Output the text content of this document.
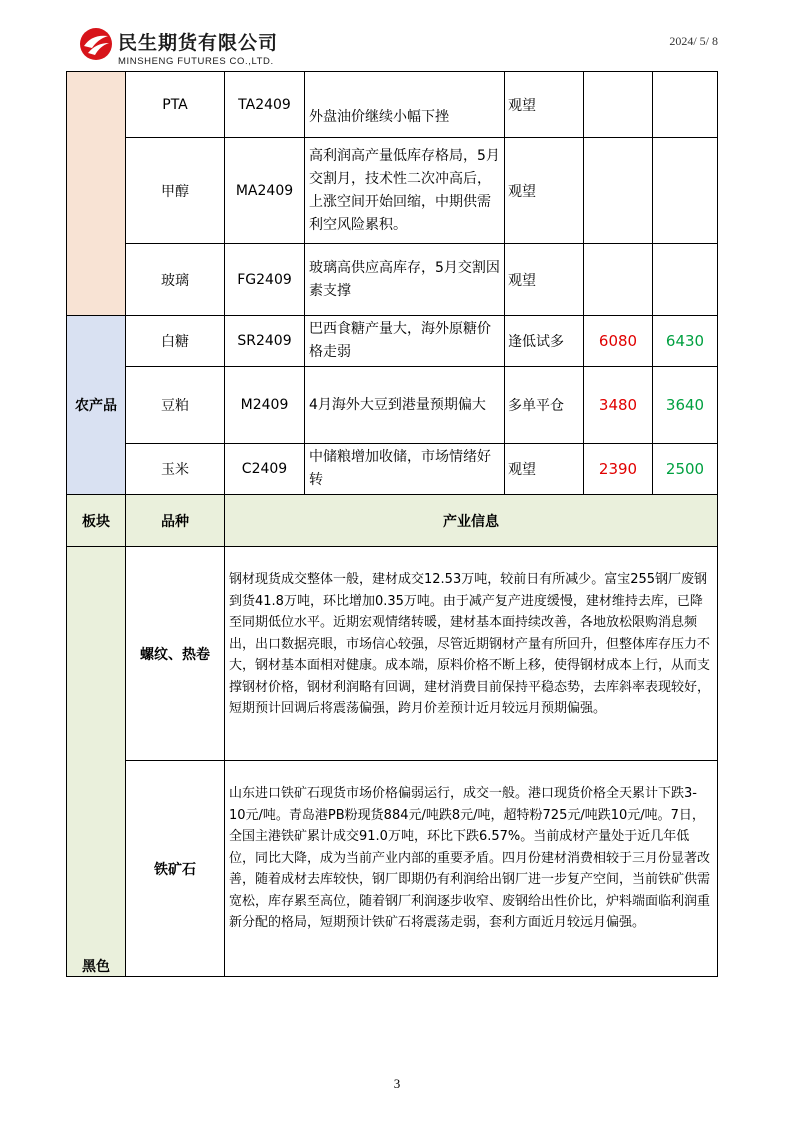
民生期货有限公司
MINSHENG FUTURES CO.,LTD.
2024/ 5/ 8
	PTA	TA2409	外盘油价继续小幅下挫	观望		
	甲醇	MA2409	高利润高产量低库存格局，5月交割月，技术性二次冲高后，上涨空间开始回缩，中期供需利空风险累积。	观望		
	玻璃	FG2409	玻璃高供应高库存，5月交割因素支撑	观望		
农产品	白糖	SR2409	巴西食糖产量大，海外原糖价格走弱	逢低试多	6080	6430
	豆粕	M2409	4月海外大豆到港量预期偏大	多单平仓	3480	3640
	玉米	C2409	中储粮增加收储，市场情绪好转	观望	2390	2500
板块	品种	产业信息				
黑色	螺纹、热卷	钢材现货成交整体一般，建材成交12.53万吨，较前日有所减少。富宝255钢厂废钢到货41.8万吨，环比增加0.35万吨。由于减产复产进度缓慢，建材维持去库，已降至同期低位水平。近期宏观情绪转暖，建材基本面持续改善，各地放松限购消息频出，出口数据亮眼，市场信心较强，尽管近期钢材产量有所回升，但整体库存压力不大，钢材基本面相对健康。成本端，原料价格不断上移，使得钢材成本上行，从而支撑钢材价格，钢材利润略有回调，建材消费目前保持平稳态势，去库斜率表现较好，短期预计回调后将震荡偏强，跨月价差预计近月较远月预期偏强。				
	铁矿石	山东进口铁矿石现货市场价格偏弱运行，成交一般。港口现货价格全天累计下跌3-10元/吨。青岛港PB粉现货884元/吨跌8元/吨，超特粉725元/吨跌10元/吨。7日，全国主港铁矿累计成交91.0万吨，环比下跌6.57%。当前成材产量处于近几年低位，同比大降，成为当前产业内部的重要矛盾。四月份建材消费相较于三月份显著改善，随着成材去库较快，钢厂即期仍有利润给出钢厂进一步复产空间，当前铁矿供需宽松，库存累至高位，随着钢厂利润逐步收窄、废钢给出性价比，炉料端面临利润重新分配的格局，短期预计铁矿石将震荡走弱，套利方面近月较远月偏强。				
3
